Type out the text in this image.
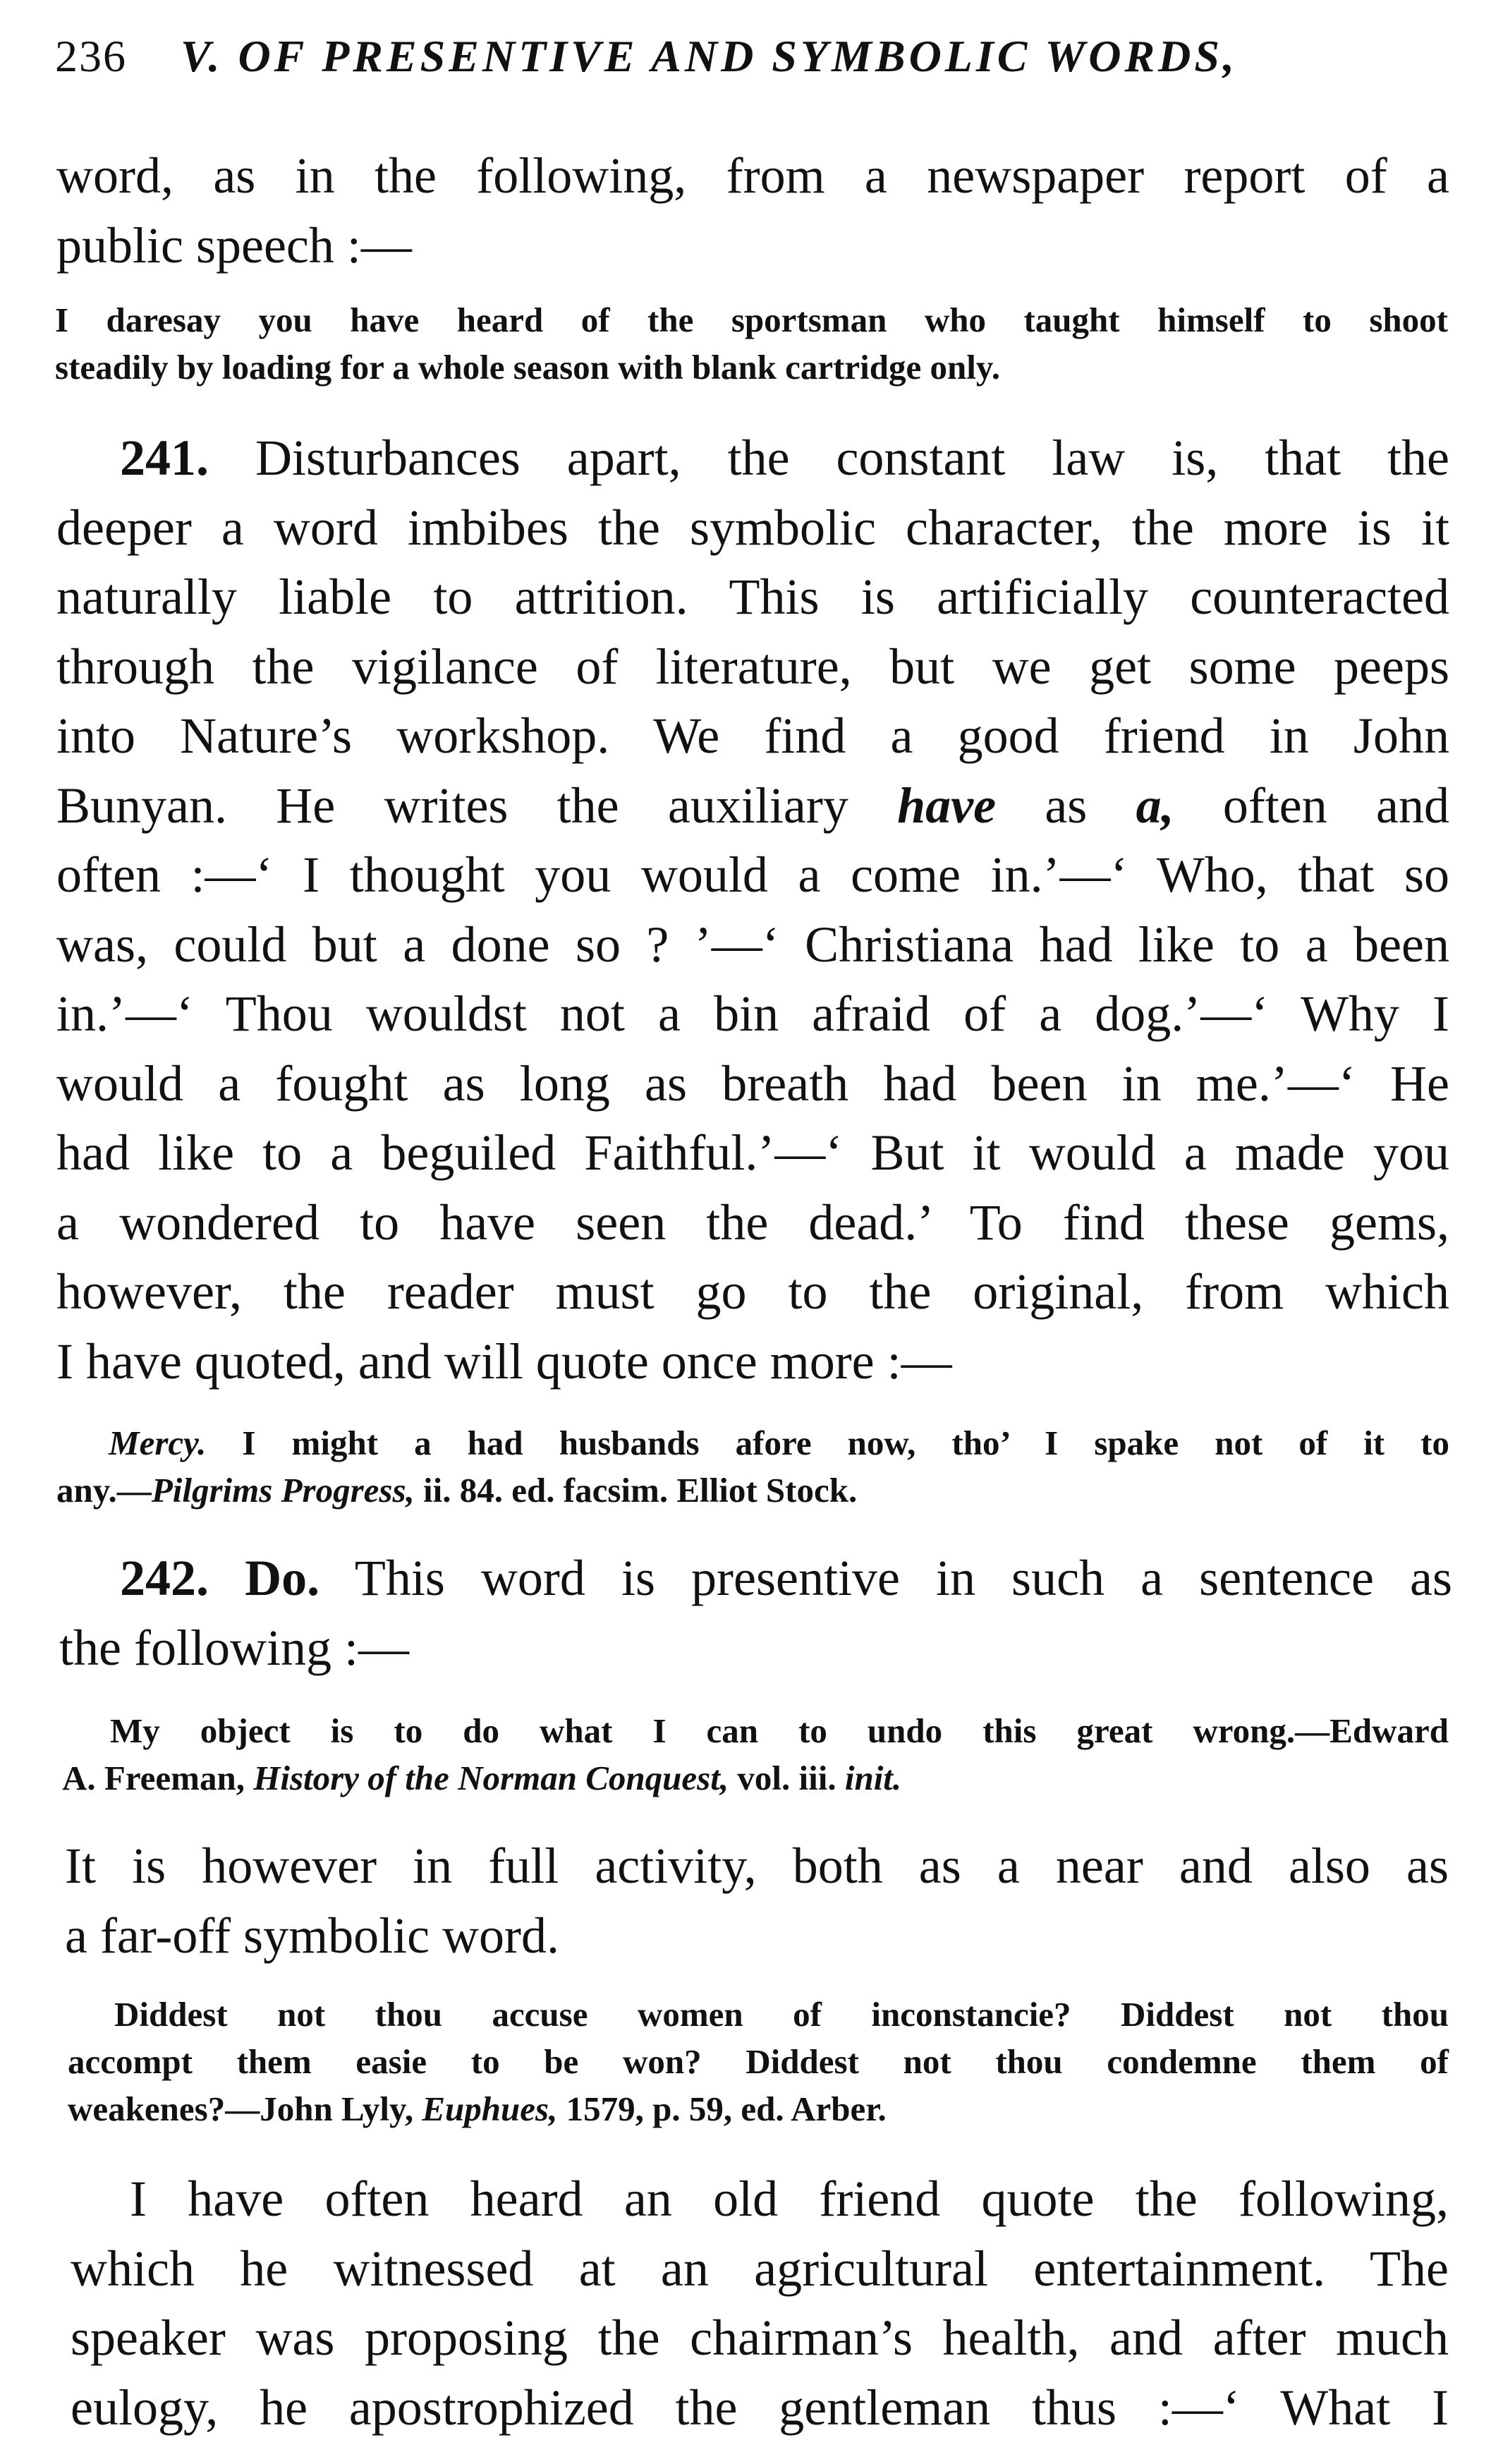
236 V. OF PRESENTIVE AND SYMBOLIC WORDS,
word, as in the following, from a newspaper report of a
public speech :—
I daresay you have heard of the sportsman who taught himself to shoot
steadily by loading for a whole season with blank cartridge only.
241. Disturbances apart, the constant law is, that the
deeper a word imbibes the symbolic character, the more is it
naturally liable to attrition. This is artificially counteracted
through the vigilance of literature, but we get some peeps
into Nature’s workshop. We find a good friend in John
Bunyan. He writes the auxiliary have as a, often and
often :—‘ I thought you would a come in.’—‘ Who, that so
was, could but a done so ? ’—‘ Christiana had like to a been
in.’—‘ Thou wouldst not a bin afraid of a dog.’—‘ Why I
would a fought as long as breath had been in me.’—‘ He
had like to a beguiled Faithful.’—‘ But it would a made you
a wondered to have seen the dead.’ To find these gems,
however, the reader must go to the original, from which
I have quoted, and will quote once more :—
Mercy. I might a had husbands afore now, tho’ I spake not of it to
any.—Pilgrims Progress, ii. 84. ed. facsim. Elliot Stock.
242. Do. This word is presentive in such a sentence as
the following :—
My object is to do what I can to undo this great wrong.—Edward
A. Freeman, History of the Norman Conquest, vol. iii. init.
It is however in full activity, both as a near and also as
a far-off symbolic word.
Diddest not thou accuse women of inconstancie? Diddest not thou
accompt them easie to be won? Diddest not thou condemne them of
weakenes?—John Lyly, Euphues, 1579, p. 59, ed. Arber.
I have often heard an old friend quote the following,
which he witnessed at an agricultural entertainment. The
speaker was proposing the chairman’s health, and after much
eulogy, he apostrophized the gentleman thus :—‘ What I
